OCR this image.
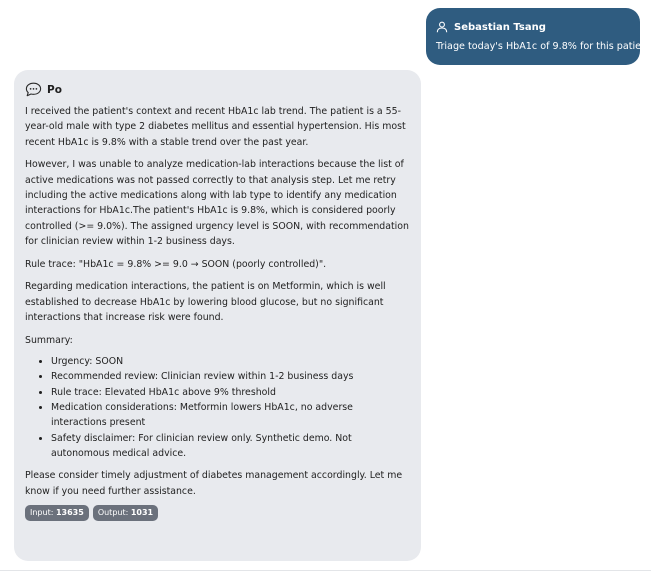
Sebastian Tsang
Triage today's HbA1c of 9.8% for this patient
Po

I received the patient's context and recent HbA1c lab trend. The patient is a 55-year-old male with type 2 diabetes mellitus and essential hypertension. His most recent HbA1c is 9.8% with a stable trend over the past year.

However, I was unable to analyze medication-lab interactions because the list of active medications was not passed correctly to that analysis step. Let me retry including the active medications along with lab type to identify any medication interactions for HbA1c.The patient's HbA1c is 9.8%, which is considered poorly controlled (>= 9.0%). The assigned urgency level is SOON, with recommendation for clinician review within 1-2 business days.

Rule trace: "HbA1c = 9.8% >= 9.0 → SOON (poorly controlled)".

Regarding medication interactions, the patient is on Metformin, which is well established to decrease HbA1c by lowering blood glucose, but no significant interactions that increase risk were found.

Summary:

• Urgency: SOON
• Recommended review: Clinician review within 1-2 business days
• Rule trace: Elevated HbA1c above 9% threshold
• Medication considerations: Metformin lowers HbA1c, no adverse interactions present
• Safety disclaimer: For clinician review only. Synthetic demo. Not autonomous medical advice.

Please consider timely adjustment of diabetes management accordingly. Let me know if you need further assistance.

Input: 13635	Output: 1031
